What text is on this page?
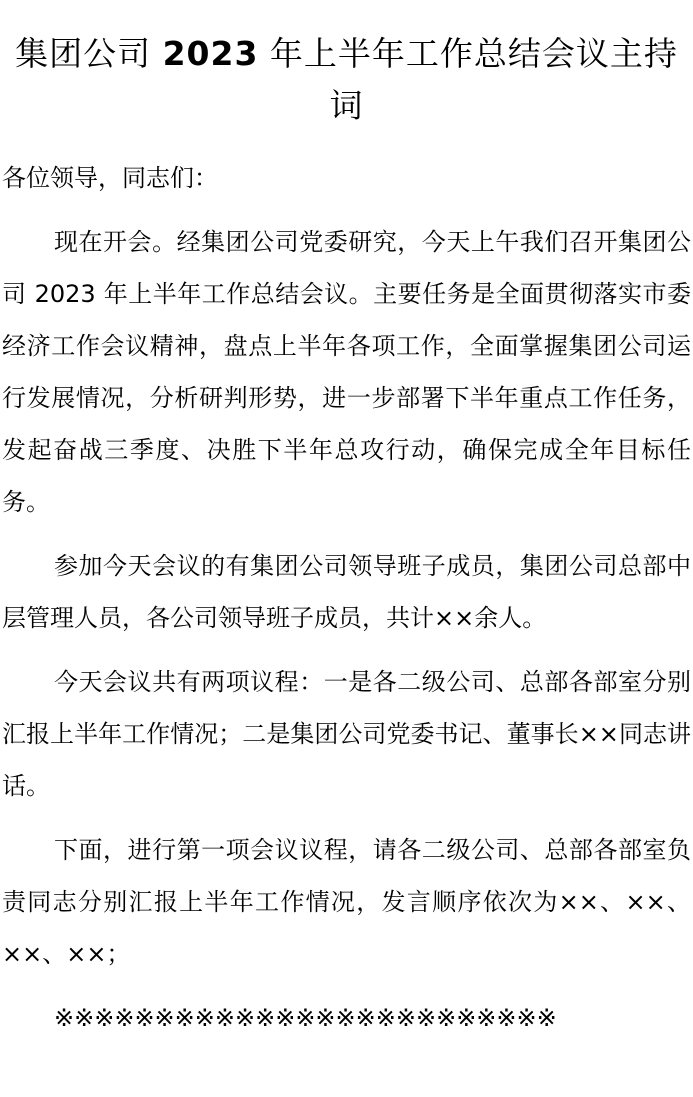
集团公司 2023 年上半年工作总结会议主持词

各位领导，同志们：

现在开会。经集团公司党委研究，今天上午我们召开集团公司 2023 年上半年工作总结会议。主要任务是全面贯彻落实市委经济工作会议精神，盘点上半年各项工作，全面掌握集团公司运行发展情况，分析研判形势，进一步部署下半年重点工作任务，发起奋战三季度、决胜下半年总攻行动，确保完成全年目标任务。

参加今天会议的有集团公司领导班子成员，集团公司总部中层管理人员，各公司领导班子成员，共计××余人。

今天会议共有两项议程：一是各二级公司、总部各部室分别汇报上半年工作情况；二是集团公司党委书记、董事长××同志讲话。

下面，进行第一项会议议程，请各二级公司、总部各部室负责同志分别汇报上半年工作情况，发言顺序依次为××、××、××、××；

※※※※※※※※※※※※※※※※※※※※※※※※※
